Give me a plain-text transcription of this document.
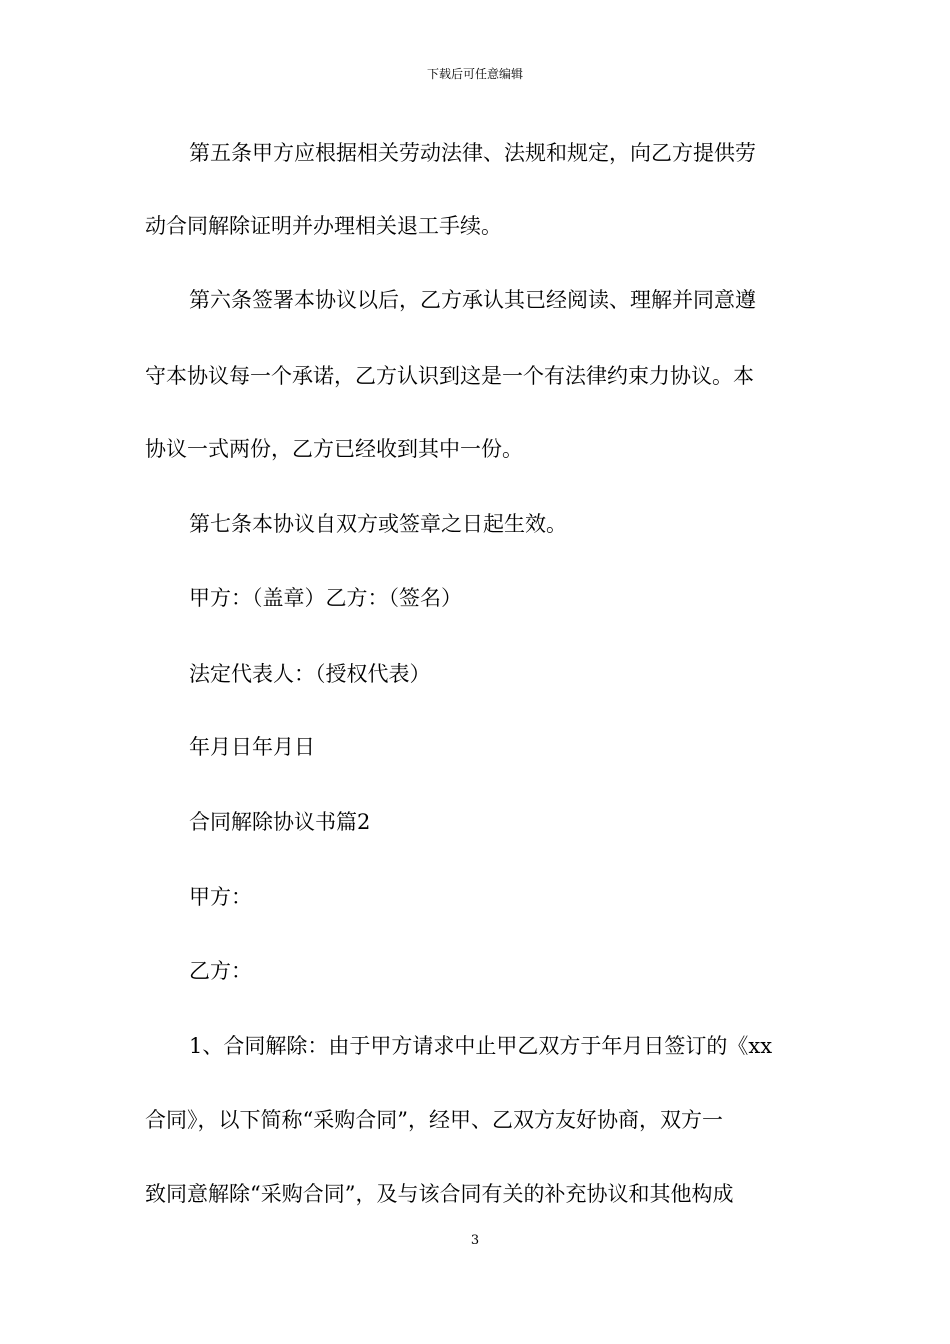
下载后可任意编辑
第五条甲方应根据相关劳动法律、法规和规定，向乙方提供劳
动合同解除证明并办理相关退工手续。
第六条签署本协议以后，乙方承认其已经阅读、理解并同意遵
守本协议每一个承诺，乙方认识到这是一个有法律约束力协议。本
协议一式两份，乙方已经收到其中一份。
第七条本协议自双方或签章之日起生效。
甲方：（盖章）乙方：（签名）
法定代表人：（授权代表）
年月日年月日
合同解除协议书篇2
甲方：
乙方：
1、合同解除：由于甲方请求中止甲乙双方于年月日签订的《xx
合同》，以下简称“采购合同”，经甲、乙双方友好协商，双方一
致同意解除“采购合同”，及与该合同有关的补充协议和其他构成
3
